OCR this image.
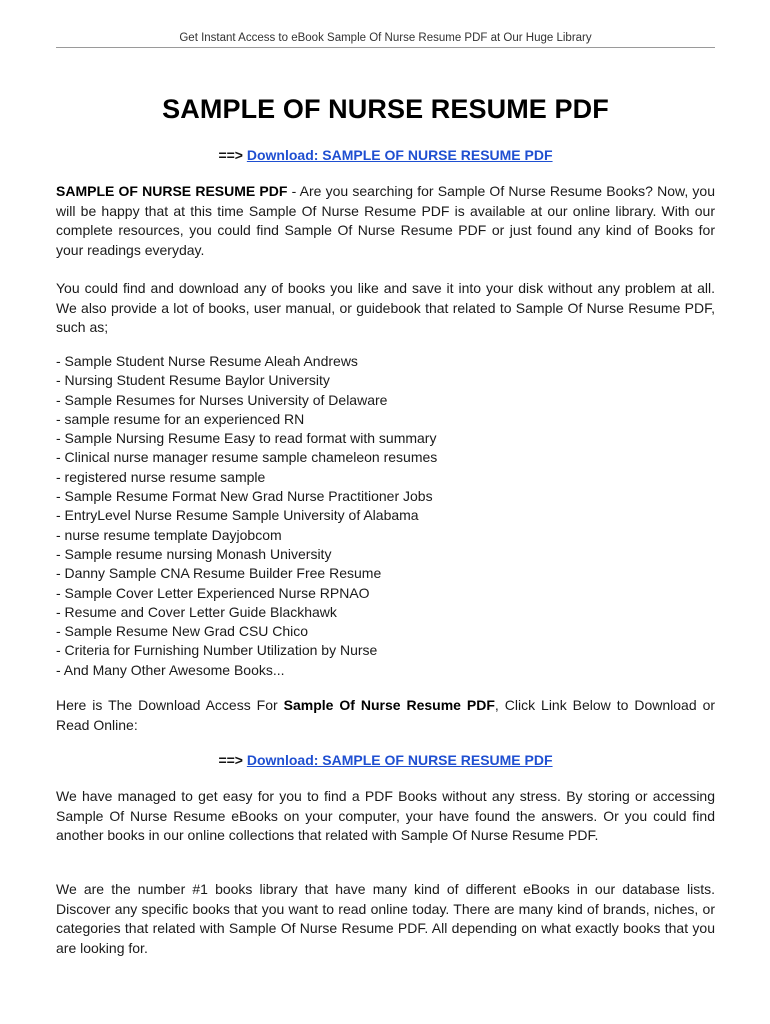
Get Instant Access to eBook Sample Of Nurse Resume PDF at Our Huge Library
SAMPLE OF NURSE RESUME PDF
==> Download: SAMPLE OF NURSE RESUME PDF
SAMPLE OF NURSE RESUME PDF - Are you searching for Sample Of Nurse Resume Books? Now, you will be happy that at this time Sample Of Nurse Resume PDF is available at our online library. With our complete resources, you could find Sample Of Nurse Resume PDF or just found any kind of Books for your readings everyday.
You could find and download any of books you like and save it into your disk without any problem at all. We also provide a lot of books, user manual, or guidebook that related to Sample Of Nurse Resume PDF, such as;
- Sample Student Nurse Resume Aleah Andrews
- Nursing Student Resume Baylor University
- Sample Resumes for Nurses University of Delaware
- sample resume for an experienced RN
- Sample Nursing Resume Easy to read format with summary
- Clinical nurse manager resume sample chameleon resumes
- registered nurse resume sample
- Sample Resume Format New Grad Nurse Practitioner Jobs
- EntryLevel Nurse Resume Sample University of Alabama
- nurse resume template Dayjobcom
- Sample resume nursing Monash University
- Danny Sample CNA Resume Builder Free Resume
- Sample Cover Letter Experienced Nurse RPNAO
- Resume and Cover Letter Guide Blackhawk
- Sample Resume New Grad CSU Chico
- Criteria for Furnishing Number Utilization by Nurse
- And Many Other Awesome Books...
Here is The Download Access For Sample Of Nurse Resume PDF, Click Link Below to Download or Read Online:
==> Download: SAMPLE OF NURSE RESUME PDF
We have managed to get easy for you to find a PDF Books without any stress. By storing or accessing Sample Of Nurse Resume eBooks on your computer, your have found the answers. Or you could find another books in our online collections that related with Sample Of Nurse Resume PDF.
We are the number #1 books library that have many kind of different eBooks in our database lists. Discover any specific books that you want to read online today. There are many kind of brands, niches, or categories that related with Sample Of Nurse Resume PDF. All depending on what exactly books that you are looking for.
